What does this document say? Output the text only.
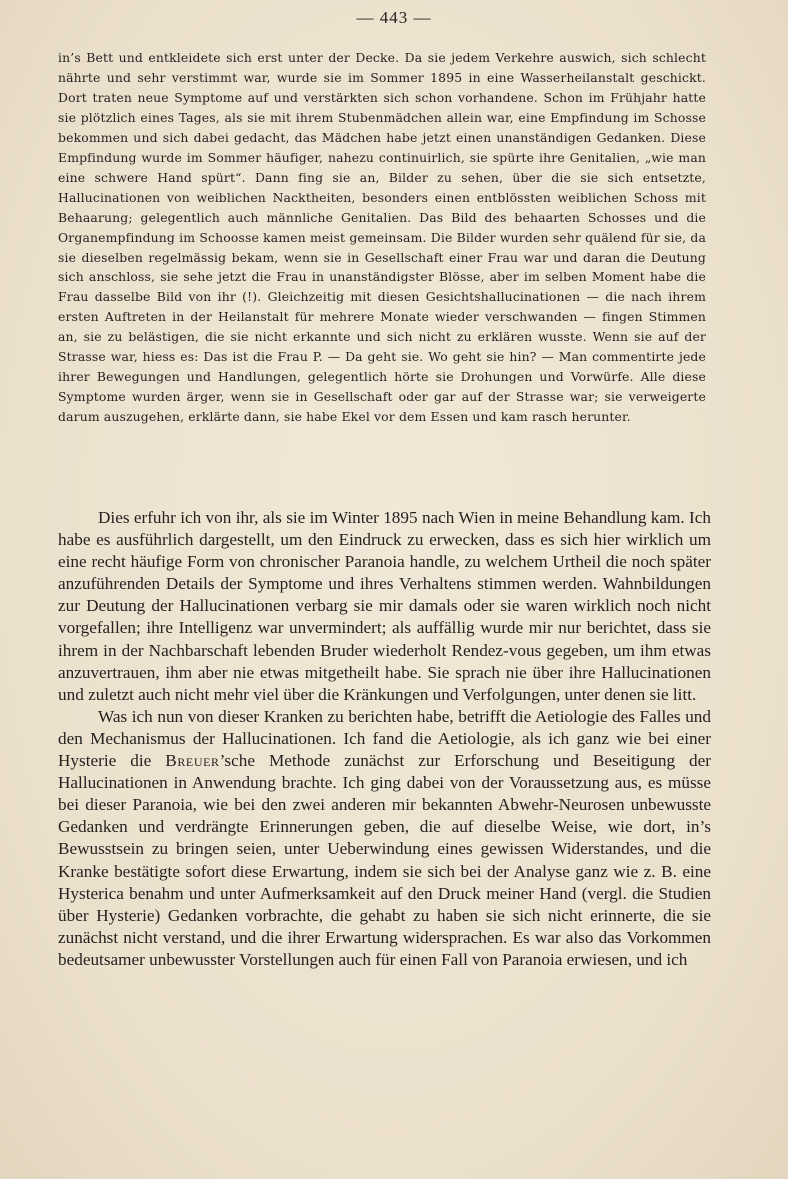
— 443 —

in’s Bett und entkleidete sich erst unter der Decke. Da sie jedem Verkehre auswich, sich schlecht nährte und sehr verstimmt war, wurde sie im Sommer 1895 in eine Wasserheilanstalt geschickt. Dort traten neue Symptome auf und verstärkten sich schon vorhandene. Schon im Frühjahr hatte sie plötzlich eines Tages, als sie mit ihrem Stubenmädchen allein war, eine Empfindung im Schosse bekommen und sich dabei gedacht, das Mädchen habe jetzt einen unanständigen Gedanken. Diese Empfindung wurde im Sommer häufiger, nahezu continuirlich, sie spürte ihre Genitalien, „wie man eine schwere Hand spürt“. Dann fing sie an, Bilder zu sehen, über die sie sich entsetzte, Hallucinationen von weiblichen Nacktheiten, besonders einen entblössten weiblichen Schoss mit Behaarung; gelegentlich auch männliche Genitalien. Das Bild des behaarten Schosses und die Organempfindung im Schoosse kamen meist gemeinsam. Die Bilder wurden sehr quälend für sie, da sie dieselben regelmässig bekam, wenn sie in Gesellschaft einer Frau war und daran die Deutung sich anschloss, sie sehe jetzt die Frau in unanständigster Blösse, aber im selben Moment habe die Frau dasselbe Bild von ihr (!). Gleichzeitig mit diesen Gesichtshallucinationen — die nach ihrem ersten Auftreten in der Heilanstalt für mehrere Monate wieder verschwanden — fingen Stimmen an, sie zu belästigen, die sie nicht erkannte und sich nicht zu erklären wusste. Wenn sie auf der Strasse war, hiess es: Das ist die Frau P. — Da geht sie. Wo geht sie hin? — Man commentirte jede ihrer Bewegungen und Handlungen, gelegentlich hörte sie Drohungen und Vorwürfe. Alle diese Symptome wurden ärger, wenn sie in Gesellschaft oder gar auf der Strasse war; sie verweigerte darum auszugehen, erklärte dann, sie habe Ekel vor dem Essen und kam rasch herunter.

Dies erfuhr ich von ihr, als sie im Winter 1895 nach Wien in meine Behandlung kam. Ich habe es ausführlich dargestellt, um den Eindruck zu erwecken, dass es sich hier wirklich um eine recht häufige Form von chronischer Paranoia handle, zu welchem Urtheil die noch später anzuführenden Details der Symptome und ihres Verhaltens stimmen werden. Wahnbildungen zur Deutung der Hallucinationen verbarg sie mir damals oder sie waren wirklich noch nicht vorgefallen; ihre Intelligenz war unvermindert; als auffällig wurde mir nur berichtet, dass sie ihrem in der Nachbarschaft lebenden Bruder wiederholt Rendez-vous gegeben, um ihm etwas anzuvertrauen, ihm aber nie etwas mitgetheilt habe. Sie sprach nie über ihre Hallucinationen und zuletzt auch nicht mehr viel über die Kränkungen und Verfolgungen, unter denen sie litt.

Was ich nun von dieser Kranken zu berichten habe, betrifft die Aetiologie des Falles und den Mechanismus der Hallucinationen. Ich fand die Aetiologie, als ich ganz wie bei einer Hysterie die Breuer’sche Methode zunächst zur Erforschung und Beseitigung der Hallucinationen in Anwendung brachte. Ich ging dabei von der Voraussetzung aus, es müsse bei dieser Paranoia, wie bei den zwei anderen mir bekannten Abwehr-Neurosen unbewusste Gedanken und verdrängte Erinnerungen geben, die auf dieselbe Weise, wie dort, in’s Bewusstsein zu bringen seien, unter Ueberwindung eines gewissen Widerstandes, und die Kranke bestätigte sofort diese Erwartung, indem sie sich bei der Analyse ganz wie z. B. eine Hysterica benahm und unter Aufmerksamkeit auf den Druck meiner Hand (vergl. die Studien über Hysterie) Gedanken vorbrachte, die gehabt zu haben sie sich nicht erinnerte, die sie zunächst nicht verstand, und die ihrer Erwartung widersprachen. Es war also das Vorkommen bedeutsamer unbewusster Vorstellungen auch für einen Fall von Paranoia erwiesen, und ich
